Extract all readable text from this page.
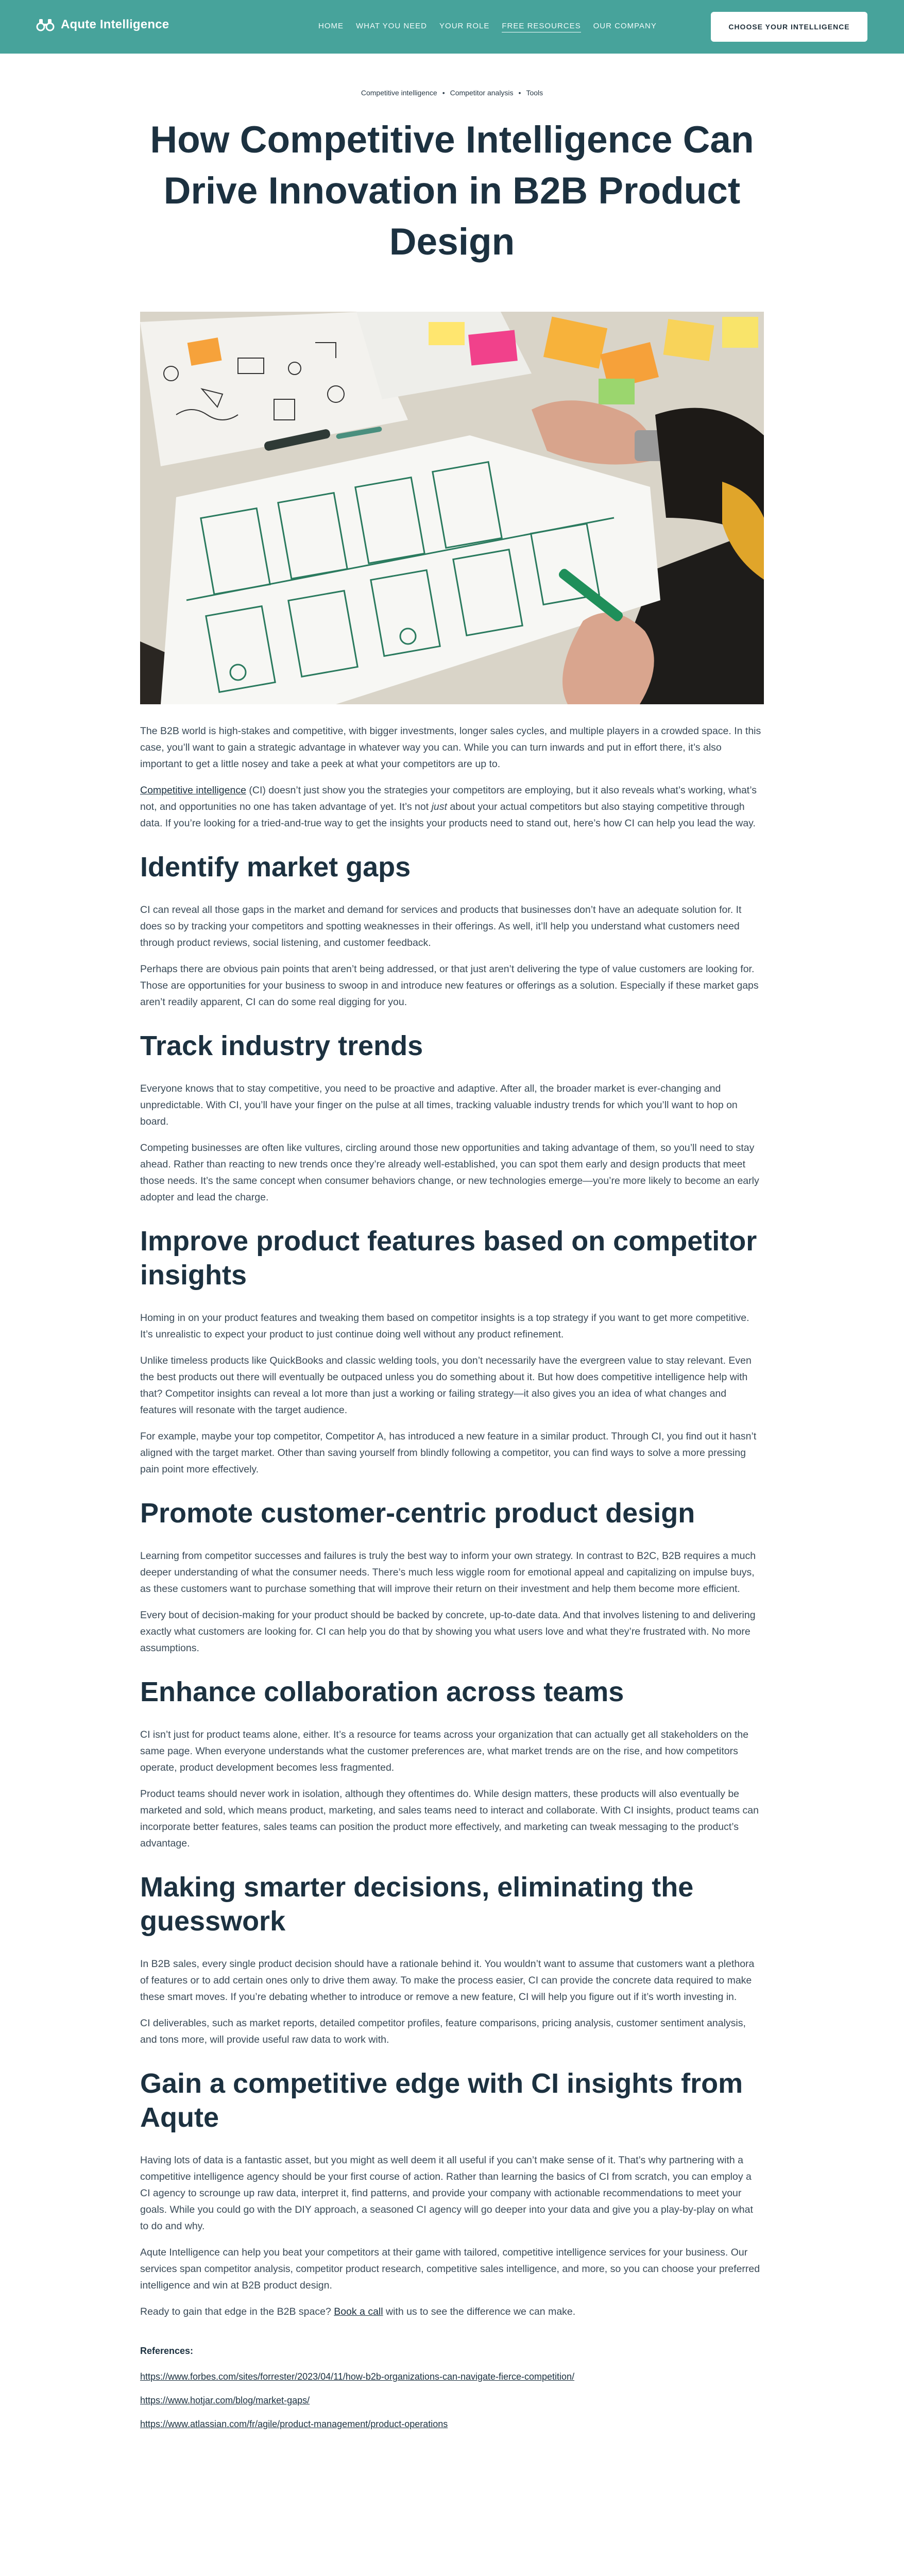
Aqute Intelligence	HOME WHAT YOU NEED YOUR ROLE FREE RESOURCES OUR COMPANY	CHOOSE YOUR INTELLIGENCE
Competitive intelligence • Competitor analysis • Tools
How Competitive Intelligence Can Drive Innovation in B2B Product Design

The B2B world is high-stakes and competitive, with bigger investments, longer sales cycles, and multiple players in a crowded space. In this case, you’ll want to gain a strategic advantage in whatever way you can. While you can turn inwards and put in effort there, it’s also important to get a little nosey and take a peek at what your competitors are up to.

Competitive intelligence (CI) doesn’t just show you the strategies your competitors are employing, but it also reveals what’s working, what’s not, and opportunities no one has taken advantage of yet. It’s not just about your actual competitors but also staying competitive through data. If you’re looking for a tried-and-true way to get the insights your products need to stand out, here’s how CI can help you lead the way.

Identify market gaps

CI can reveal all those gaps in the market and demand for services and products that businesses don’t have an adequate solution for. It does so by tracking your competitors and spotting weaknesses in their offerings. As well, it’ll help you understand what customers need through product reviews, social listening, and customer feedback.

Perhaps there are obvious pain points that aren’t being addressed, or that just aren’t delivering the type of value customers are looking for. Those are opportunities for your business to swoop in and introduce new features or offerings as a solution. Especially if these market gaps aren’t readily apparent, CI can do some real digging for you.

Track industry trends

Everyone knows that to stay competitive, you need to be proactive and adaptive. After all, the broader market is ever-changing and unpredictable. With CI, you’ll have your finger on the pulse at all times, tracking valuable industry trends for which you’ll want to hop on board.

Competing businesses are often like vultures, circling around those new opportunities and taking advantage of them, so you’ll need to stay ahead. Rather than reacting to new trends once they’re already well-established, you can spot them early and design products that meet those needs. It’s the same concept when consumer behaviors change, or new technologies emerge—you’re more likely to become an early adopter and lead the charge.

Improve product features based on competitor insights

Homing in on your product features and tweaking them based on competitor insights is a top strategy if you want to get more competitive. It’s unrealistic to expect your product to just continue doing well without any product refinement.

Unlike timeless products like QuickBooks and classic welding tools, you don’t necessarily have the evergreen value to stay relevant. Even the best products out there will eventually be outpaced unless you do something about it. But how does competitive intelligence help with that? Competitor insights can reveal a lot more than just a working or failing strategy—it also gives you an idea of what changes and features will resonate with the target audience.

For example, maybe your top competitor, Competitor A, has introduced a new feature in a similar product. Through CI, you find out it hasn’t aligned with the target market. Other than saving yourself from blindly following a competitor, you can find ways to solve a more pressing pain point more effectively.

Promote customer-centric product design

Learning from competitor successes and failures is truly the best way to inform your own strategy. In contrast to B2C, B2B requires a much deeper understanding of what the consumer needs. There’s much less wiggle room for emotional appeal and capitalizing on impulse buys, as these customers want to purchase something that will improve their return on their investment and help them become more efficient.

Every bout of decision-making for your product should be backed by concrete, up-to-date data. And that involves listening to and delivering exactly what customers are looking for. CI can help you do that by showing you what users love and what they’re frustrated with. No more assumptions.

Enhance collaboration across teams

CI isn’t just for product teams alone, either. It’s a resource for teams across your organization that can actually get all stakeholders on the same page. When everyone understands what the customer preferences are, what market trends are on the rise, and how competitors operate, product development becomes less fragmented.

Product teams should never work in isolation, although they oftentimes do. While design matters, these products will also eventually be marketed and sold, which means product, marketing, and sales teams need to interact and collaborate. With CI insights, product teams can incorporate better features, sales teams can position the product more effectively, and marketing can tweak messaging to the product’s advantage.

Making smarter decisions, eliminating the guesswork

In B2B sales, every single product decision should have a rationale behind it. You wouldn’t want to assume that customers want a plethora of features or to add certain ones only to drive them away. To make the process easier, CI can provide the concrete data required to make these smart moves. If you’re debating whether to introduce or remove a new feature, CI will help you figure out if it’s worth investing in.

CI deliverables, such as market reports, detailed competitor profiles, feature comparisons, pricing analysis, customer sentiment analysis, and tons more, will provide useful raw data to work with.

Gain a competitive edge with CI insights from Aqute

Having lots of data is a fantastic asset, but you might as well deem it all useful if you can’t make sense of it. That’s why partnering with a competitive intelligence agency should be your first course of action. Rather than learning the basics of CI from scratch, you can employ a CI agency to scrounge up raw data, interpret it, find patterns, and provide your company with actionable recommendations to meet your goals. While you could go with the DIY approach, a seasoned CI agency will go deeper into your data and give you a play-by-play on what to do and why.

Aqute Intelligence can help you beat your competitors at their game with tailored, competitive intelligence services for your business. Our services span competitor analysis, competitor product research, competitive sales intelligence, and more, so you can choose your preferred intelligence and win at B2B product design.

Ready to gain that edge in the B2B space? Book a call with us to see the difference we can make.

References:
https://www.forbes.com/sites/forrester/2023/04/11/how-b2b-organizations-can-navigate-fierce-competition/
https://www.hotjar.com/blog/market-gaps/
https://www.atlassian.com/fr/agile/product-management/product-operations
